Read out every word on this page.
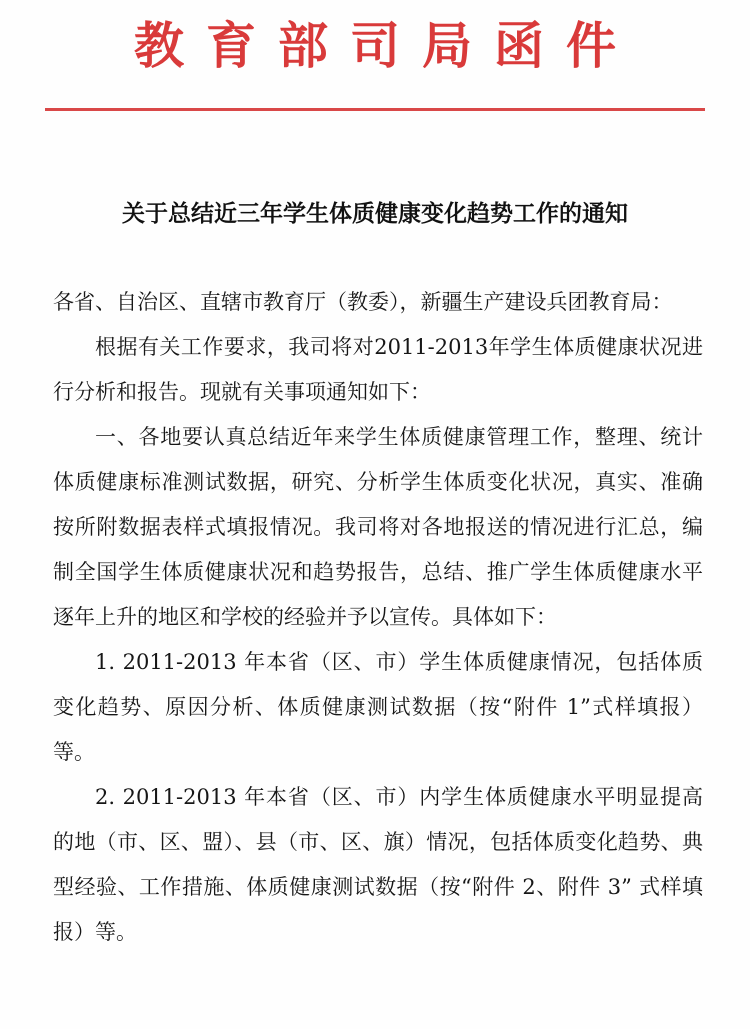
教育部司局函件
关于总结近三年学生体质健康变化趋势工作的通知

各省、自治区、直辖市教育厅（教委），新疆生产建设兵团教育局：

根据有关工作要求，我司将对2011-2013年学生体质健康状况进行分析和报告。现就有关事项通知如下：

一、各地要认真总结近年来学生体质健康管理工作，整理、统计体质健康标准测试数据，研究、分析学生体质变化状况，真实、准确按所附数据表样式填报情况。我司将对各地报送的情况进行汇总，编制全国学生体质健康状况和趋势报告，总结、推广学生体质健康水平逐年上升的地区和学校的经验并予以宣传。具体如下：

1. 2011-2013 年本省（区、市）学生体质健康情况，包括体质变化趋势、原因分析、体质健康测试数据（按“附件 1”式样填报）等。

2. 2011-2013 年本省（区、市）内学生体质健康水平明显提高的地（市、区、盟）、县（市、区、旗）情况，包括体质变化趋势、典型经验、工作措施、体质健康测试数据（按“附件 2、附件 3” 式样填报）等。
